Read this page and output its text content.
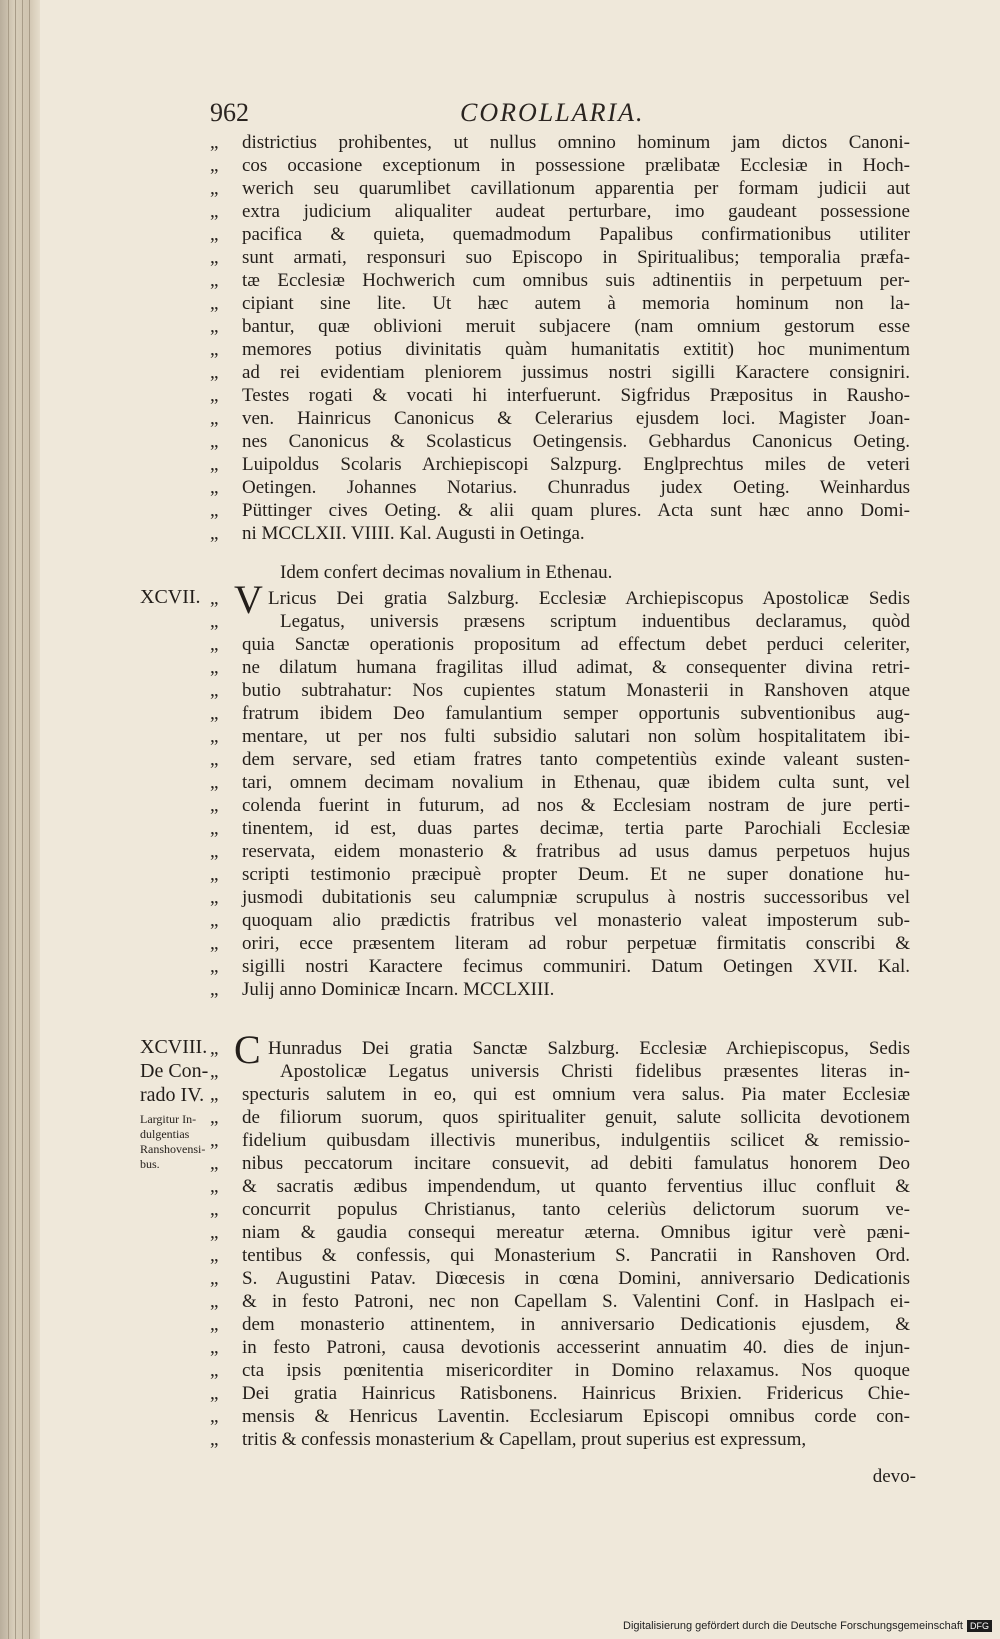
962	COROLLARIA.
„	districtius prohibentes, ut nullus omnino hominum jam dictos Canoni-
„	cos occasione exceptionum in possessione prælibatæ Ecclesiæ in Hoch-
„	werich seu quarumlibet cavillationum apparentia per formam judicii aut
„	extra judicium aliqualiter audeat perturbare, imo gaudeant possessione
„	pacifica & quieta, quemadmodum Papalibus confirmationibus utiliter
„	sunt armati, responsuri suo Episcopo in Spiritualibus; temporalia præfa-
„	tæ Ecclesiæ Hochwerich cum omnibus suis adtinentiis in perpetuum per-
„	cipiant sine lite. Ut hæc autem à memoria hominum non la-
„	bantur, quæ oblivioni meruit subjacere (nam omnium gestorum esse
„	memores potius divinitatis quàm humanitatis extitit) hoc munimentum
„	ad rei evidentiam pleniorem jussimus nostri sigilli Karactere consigniri.
„	Testes rogati & vocati hi interfuerunt. Sigfridus Præpositus in Rausho-
„	ven. Hainricus Canonicus & Celerarius ejusdem loci. Magister Joan-
„	nes Canonicus & Scolasticus Oetingensis. Gebhardus Canonicus Oeting.
„	Luipoldus Scolaris Archiepiscopi Salzpurg. Englprechtus miles de veteri
„	Oetingen. Johannes Notarius. Chunradus judex Oeting. Weinhardus
„	Püttinger cives Oeting. & alii quam plures. Acta sunt hæc anno Domi-
„	ni MCCLXII. VIIII. Kal. Augusti in Oetinga.
Idem confert decimas novalium in Ethenau.
XCVII. V
„	Lricus Dei gratia Salzburg. Ecclesiæ Archiepiscopus Apostolicæ Sedis
„	Legatus, universis præsens scriptum induentibus declaramus, quòd
„	quia Sanctæ operationis propositum ad effectum debet perduci celeriter,
„	ne dilatum humana fragilitas illud adimat, & consequenter divina retri-
„	butio subtrahatur: Nos cupientes statum Monasterii in Ranshoven atque
„	fratrum ibidem Deo famulantium semper opportunis subventionibus aug-
„	mentare, ut per nos fulti subsidio salutari non solùm hospitalitatem ibi-
„	dem servare, sed etiam fratres tanto competentiùs exinde valeant susten-
„	tari, omnem decimam novalium in Ethenau, quæ ibidem culta sunt, vel
„	colenda fuerint in futurum, ad nos & Ecclesiam nostram de jure perti-
„	tinentem, id est, duas partes decimæ, tertia parte Parochiali Ecclesiæ
„	reservata, eidem monasterio & fratribus ad usus damus perpetuos hujus
„	scripti testimonio præcipuè propter Deum. Et ne super donatione hu-
„	jusmodi dubitationis seu calumpniæ scrupulus à nostris successoribus vel
„	quoquam alio prædictis fratribus vel monasterio valeat imposterum sub-
„	oriri, ecce præsentem literam ad robur perpetuæ firmitatis conscribi &
„	sigilli nostri Karactere fecimus communiri. Datum Oetingen XVII. Kal.
„	Julij anno Dominicæ Incarn. MCCLXIII.
XCVIII.
De Con-
rado IV.
Largitur In-
dulgentias
Ranshovensi-
bus.
C
„	Hunradus Dei gratia Sanctæ Salzburg. Ecclesiæ Archiepiscopus, Sedis
„	Apostolicæ Legatus universis Christi fidelibus præsentes literas in-
„	specturis salutem in eo, qui est omnium vera salus. Pia mater Ecclesiæ
„	de filiorum suorum, quos spiritualiter genuit, salute sollicita devotionem
„	fidelium quibusdam illectivis muneribus, indulgentiis scilicet & remissio-
„	nibus peccatorum incitare consuevit, ad debiti famulatus honorem Deo
„	& sacratis ædibus impendendum, ut quanto ferventius illuc confluit &
„	concurrit populus Christianus, tanto celeriùs delictorum suorum ve-
„	niam & gaudia consequi mereatur æterna. Omnibus igitur verè pæni-
„	tentibus & confessis, qui Monasterium S. Pancratii in Ranshoven Ord.
„	S. Augustini Patav. Diœcesis in cœna Domini, anniversario Dedicationis
„	& in festo Patroni, nec non Capellam S. Valentini Conf. in Haslpach ei-
„	dem monasterio attinentem, in anniversario Dedicationis ejusdem, &
„	in festo Patroni, causa devotionis accesserint annuatim 40. dies de injun-
„	cta ipsis pœnitentia misericorditer in Domino relaxamus. Nos quoque
„	Dei gratia Hainricus Ratisbonens. Hainricus Brixien. Fridericus Chie-
„	mensis & Henricus Laventin. Ecclesiarum Episcopi omnibus corde con-
„	tritis & confessis monasterium & Capellam, prout superius est expressum,
devo-
Digitalisierung gefördert durch die Deutsche Forschungsgemeinschaft DFG
